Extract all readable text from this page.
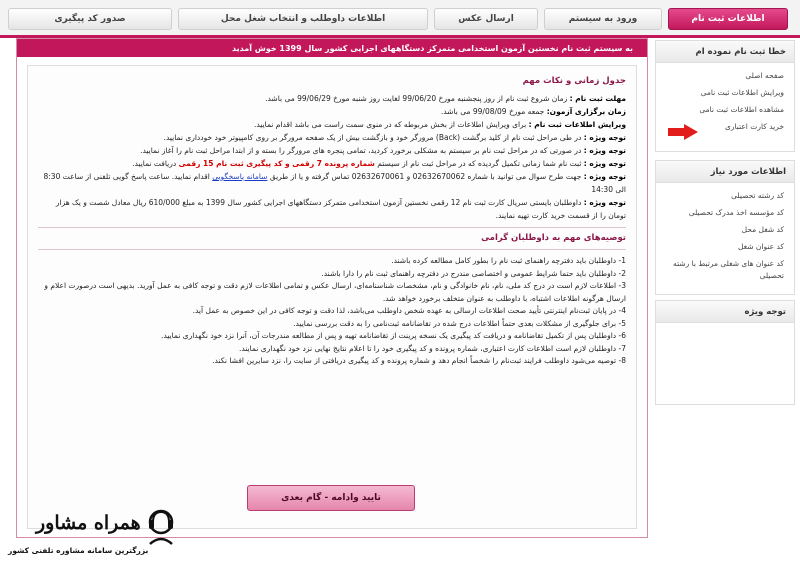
اطلاعات ثبت نام
ورود به سیستم
ارسال عکس
اطلاعات داوطلب و انتخاب شغل محل
صدور کد پیگیری
به سیستم ثبت نام نخستین آزمون استخدامی متمرکز دستگاههای اجرایی کشور سال 1399 خوش آمدید
جدول زمانی و نکات مهم
مهلت ثبت نام : زمان شروع ثبت نام از روز پنجشنبه مورخ 99/06/20 لغایت روز شنبه مورخ 99/06/29 می باشد.
زمان برگزاری آزمون: جمعه مورخ 99/08/09 می باشد.
ویرایش اطلاعات ثبت نام : برای ویرایش اطلاعات از بخش مربوطه که در منوی سمت راست می باشد اقدام نمایید.
توجه ویژه : در طی مراحل ثبت نام از کلید برگشت (Back) مرورگر خود و بازگشت بیش از یک صفحه مرورگر بر روی کامپیوتر خود خودداری نمایید.
توجه ویژه : در صورتی که در مراحل ثبت نام بر سیستم به مشکلی برخورد کردید، تمامی پنجره های مرورگر را بسته و از ابتدا مراحل ثبت نام را آغاز نمایید.
توجه ویژه : ثبت نام شما زمانی تکمیل گردیده که در مراحل ثبت نام از سیستم شماره پرونده 7 رقمی و کد پیگیری ثبت نام 15 رقمی دریافت نمایید.
توجه ویژه : جهت طرح سوال می توانید با شماره 02632670062 و 02632670061 تماس گرفته و یا از طریق سامانه پاسخگویی اقدام نمایید. ساعت پاسخ گویی تلفنی از ساعت 8:30 الی 14:30
توجه ویژه : داوطلبان بایستی سریال کارت ثبت نام 12 رقمی نخستین آزمون استخدامی متمرکز دستگاههای اجرایی کشور سال 1399 به مبلغ 610/000 ریال معادل شصت و یک هزار تومان را از قسمت خرید کارت تهیه نمایند.
توصیه‌های مهم به داوطلبان گرامی
1- داوطلبان باید دفترچه راهنمای ثبت نام را بطور کامل مطالعه کرده باشند.
2- داوطلبان باید حتما شرایط عمومی و اختصاصی مندرج در دفترچه راهنمای ثبت نام را دارا باشند.
3- اطلاعات لازم است در درج کد ملی، نام، نام خانوادگی و نام، مشخصات شناسنامه‌ای، ارسال عکس و تمامی اطلاعات لازم دقت و توجه کافی به عمل آورید. بدیهی است درصورت اعلام و ارسال هرگونه اطلاعات اشتباه، با داوطلب به عنوان متخلف برخورد خواهد شد.
4- در پایان ثبت‌نام اینترنتی تأیید صحت اطلاعات ارسالی به عهده شخص داوطلب می‌باشد، لذا دقت و توجه کافی در این خصوص به عمل آید.
5- برای جلوگیری از مشکلات بعدی حتماً اطلاعات درج شده در تقاضانامه ثبت‌نامی را به دقت بررسی نمایید.
6- داوطلبان پس از تکمیل تقاضانامه و دریافت کد پیگیری یک نسخه پرینت از تقاضانامه تهیه و پس از مطالعه مندرجات آن، آنرا نزد خود نگهداری نمایید.
7- داوطلبان لازم است اطلاعات کارت اعتباری، شماره پرونده و کد پیگیری خود را تا اعلام نتایج نهایی نزد خود نگهداری نمایند.
8- توصیه می‌شود داوطلب فرایند ثبت‌نام را شخصاً انجام دهد و شماره پرونده و کد پیگیری دریافتی از سایت را، نزد سایرین افشا نکند.
تایید وادامه - گام بعدی
خطا ثبت نام نموده ام
صفحه اصلی
ویرایش اطلاعات ثبت نامی
مشاهده اطلاعات ثبت نامی
خرید کارت اعتباری
اطلاعات مورد نیاز
کد رشته تحصیلی
کد مؤسسه اخذ مدرک تحصیلی
کد شغل محل
کد عنوان شغل
کد عنوان های شغلی مرتبط با رشته تحصیلی
توجه ویژه
همراه مشاور
بزرگترین سامانه مشاوره تلفنی کشور
